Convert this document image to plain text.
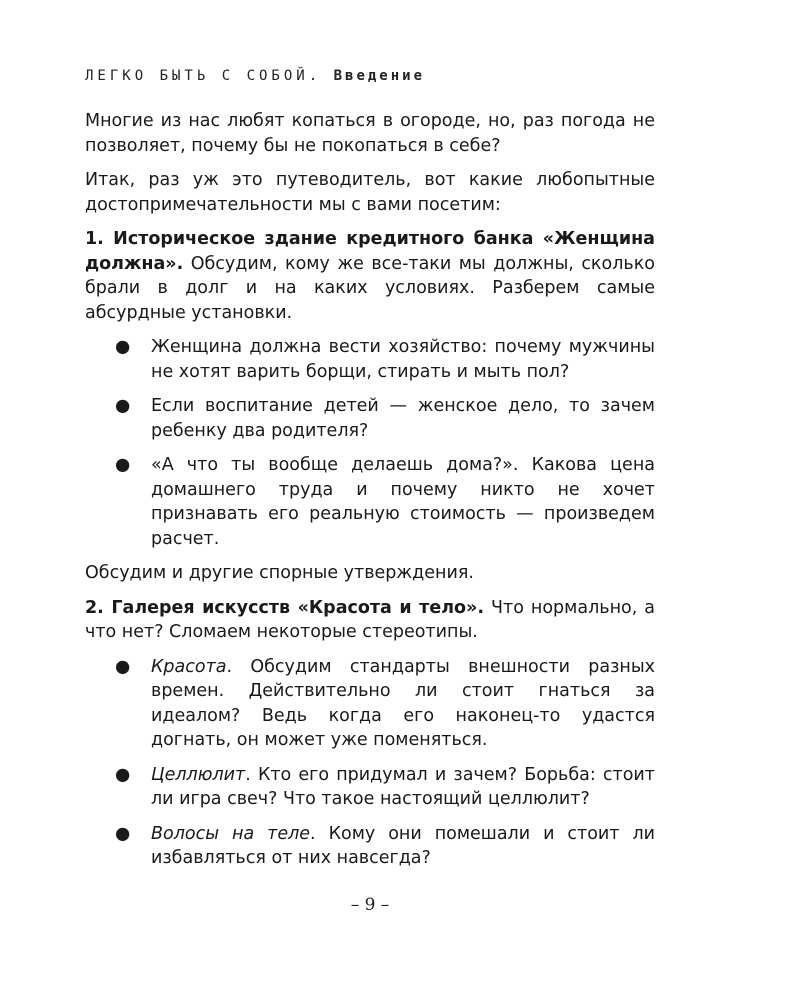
ЛЕГКО БЫТЬ С СОБОЙ. Введение

Многие из нас любят копаться в огороде, но, раз погода не позволяет, почему бы не покопаться в себе?

Итак, раз уж это путеводитель, вот какие любопытные достопримечательности мы с вами посетим:

1. Историческое здание кредитного банка «Женщина должна». Обсудим, кому же все-таки мы должны, сколько брали в долг и на каких условиях. Разберем самые абсурдные установки.

● Женщина должна вести хозяйство: почему мужчины не хотят варить борщи, стирать и мыть пол?
● Если воспитание детей — женское дело, то зачем ребенку два родителя?
● «А что ты вообще делаешь дома?». Какова цена домашнего труда и почему никто не хочет признавать его реальную стоимость — произведем расчет.

Обсудим и другие спорные утверждения.

2. Галерея искусств «Красота и тело». Что нормально, а что нет? Сломаем некоторые стереотипы.

● Красота. Обсудим стандарты внешности разных времен. Действительно ли стоит гнаться за идеалом? Ведь когда его наконец-то удастся догнать, он может уже поменяться.
● Целлюлит. Кто его придумал и зачем? Борьба: стоит ли игра свеч? Что такое настоящий целлюлит?
● Волосы на теле. Кому они помешали и стоит ли избавляться от них навсегда?
– 9 –
